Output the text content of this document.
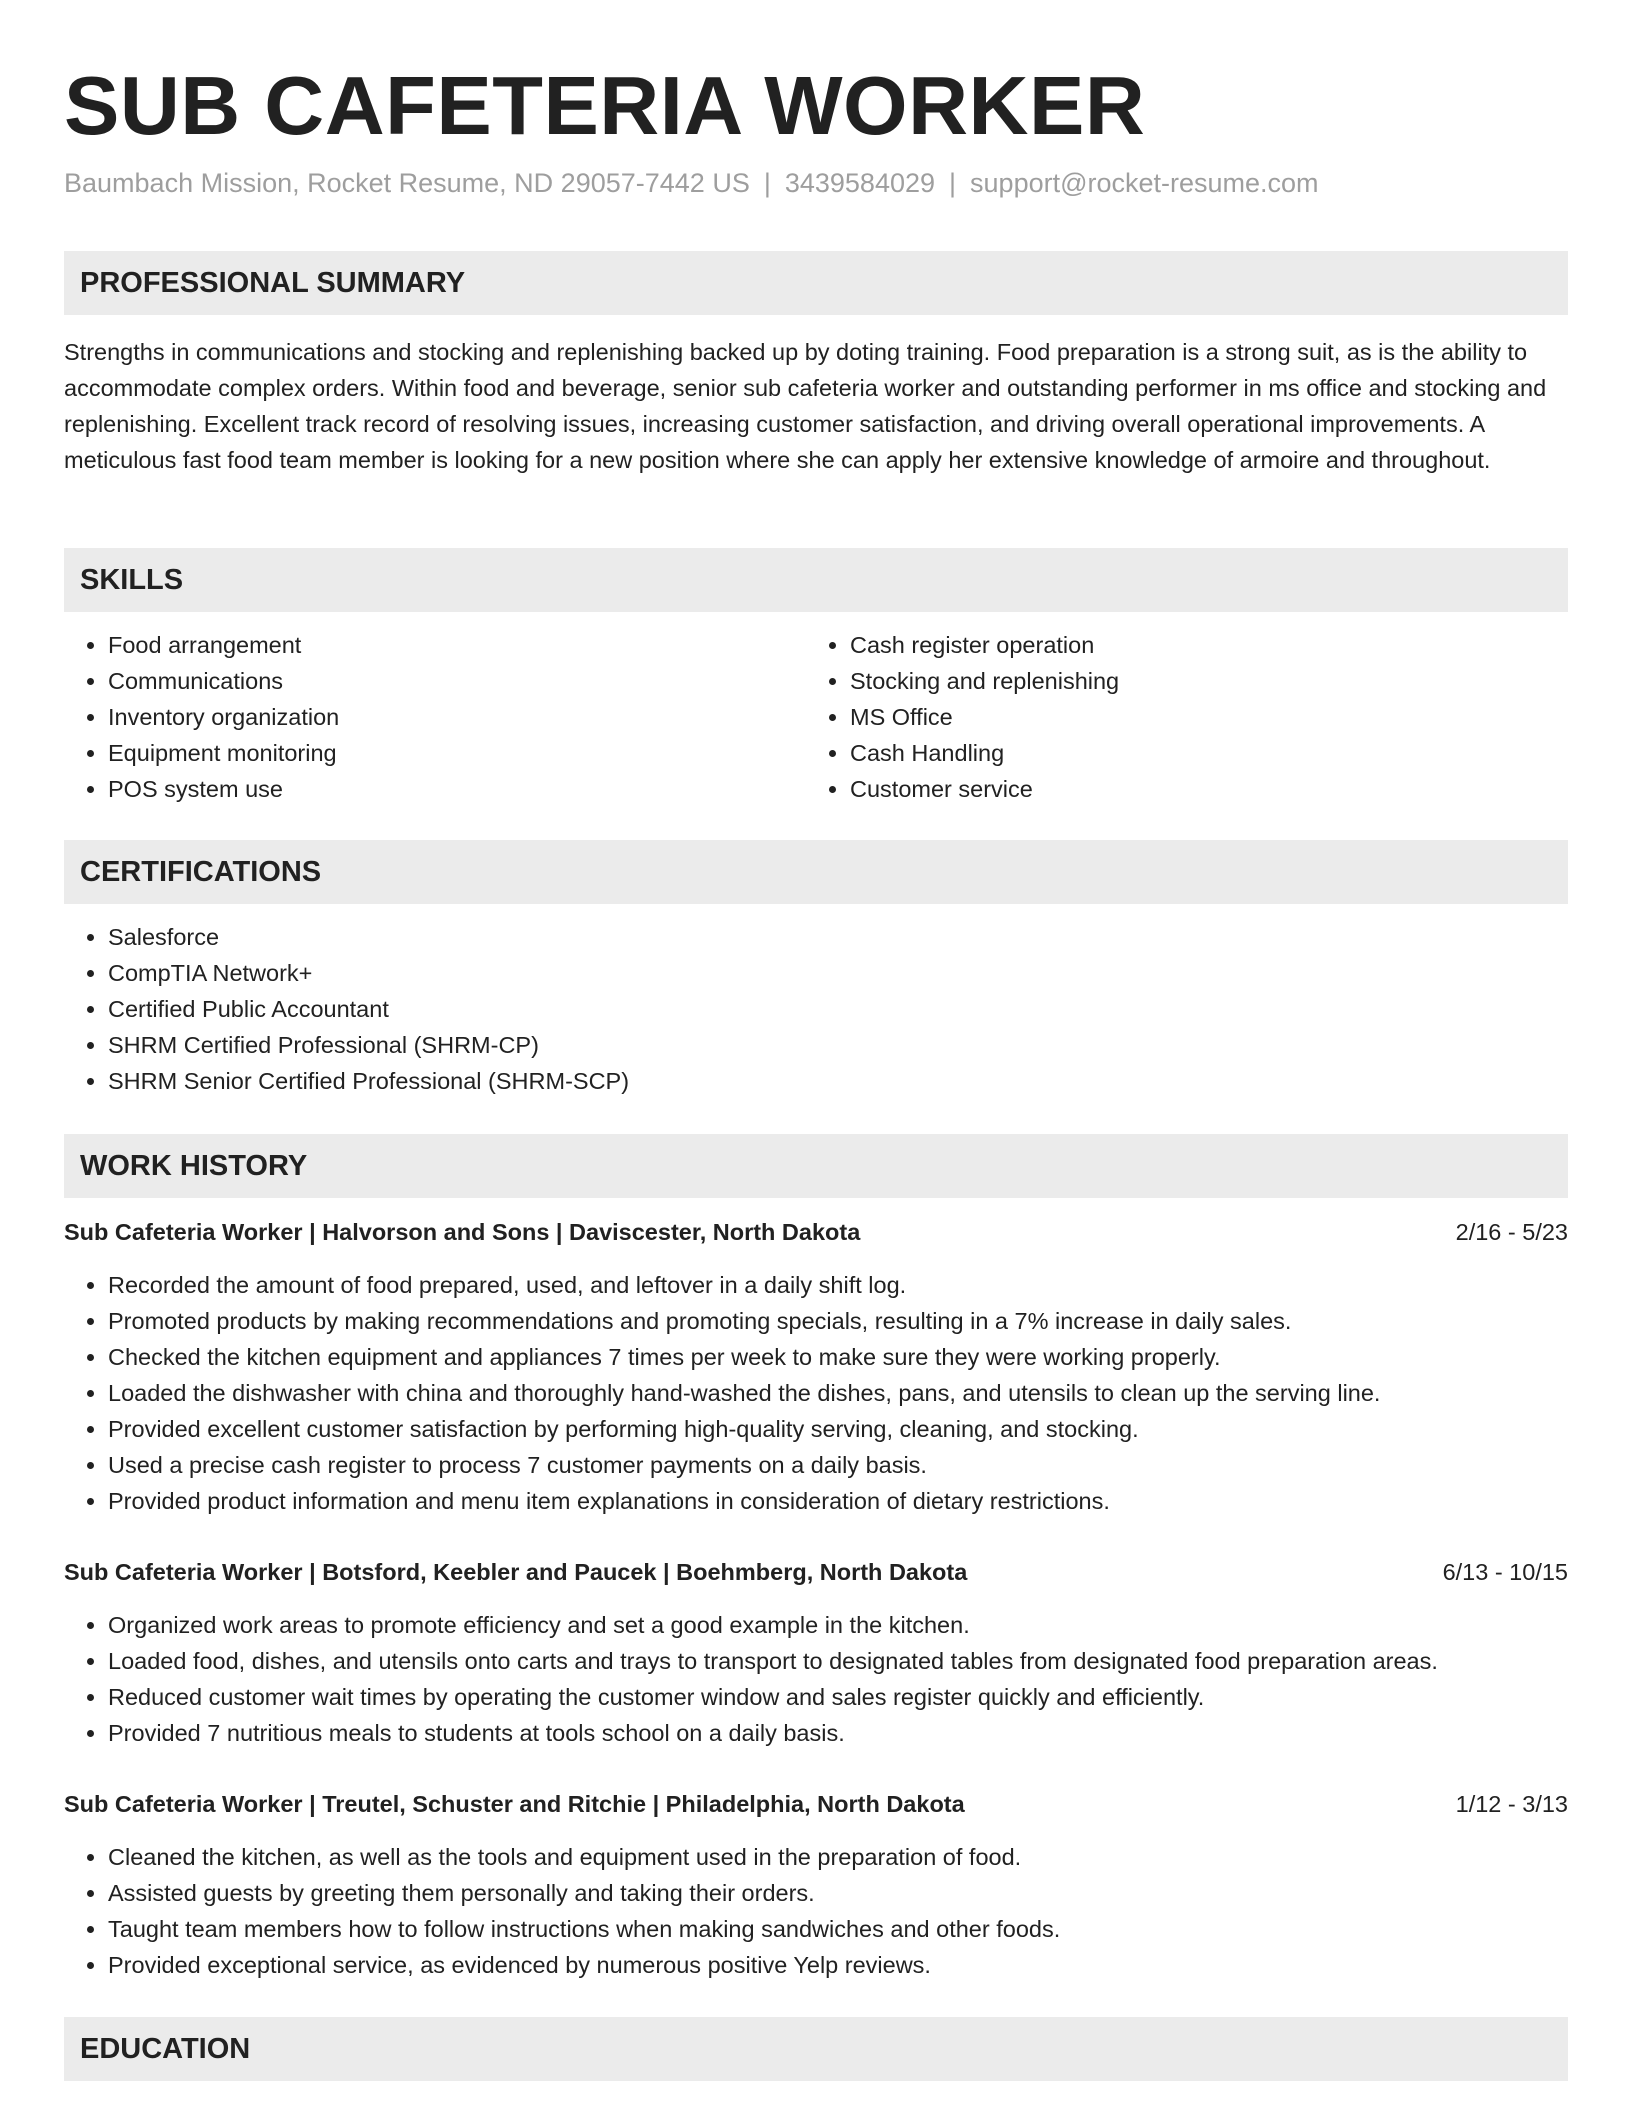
SUB CAFETERIA WORKER
Baumbach Mission, Rocket Resume, ND 29057-7442 US | 3439584029 | support@rocket-resume.com
PROFESSIONAL SUMMARY

Strengths in communications and stocking and replenishing backed up by doting training. Food preparation is a strong suit, as is the ability to accommodate complex orders. Within food and beverage, senior sub cafeteria worker and outstanding performer in ms office and stocking and replenishing. Excellent track record of resolving issues, increasing customer satisfaction, and driving overall operational improvements. A meticulous fast food team member is looking for a new position where she can apply her extensive knowledge of armoire and throughout.

SKILLS
• Food arrangement
• Communications
• Inventory organization
• Equipment monitoring
• POS system use
• Cash register operation
• Stocking and replenishing
• MS Office
• Cash Handling
• Customer service
CERTIFICATIONS
• Salesforce
• CompTIA Network+
• Certified Public Accountant
• SHRM Certified Professional (SHRM-CP)
• SHRM Senior Certified Professional (SHRM-SCP)
WORK HISTORY
Sub Cafeteria Worker | Halvorson and Sons | Daviscester, North Dakota	2/16 - 5/23
• Recorded the amount of food prepared, used, and leftover in a daily shift log.
• Promoted products by making recommendations and promoting specials, resulting in a 7% increase in daily sales.
• Checked the kitchen equipment and appliances 7 times per week to make sure they were working properly.
• Loaded the dishwasher with china and thoroughly hand-washed the dishes, pans, and utensils to clean up the serving line.
• Provided excellent customer satisfaction by performing high-quality serving, cleaning, and stocking.
• Used a precise cash register to process 7 customer payments on a daily basis.
• Provided product information and menu item explanations in consideration of dietary restrictions.
Sub Cafeteria Worker | Botsford, Keebler and Paucek | Boehmberg, North Dakota	6/13 - 10/15
• Organized work areas to promote efficiency and set a good example in the kitchen.
• Loaded food, dishes, and utensils onto carts and trays to transport to designated tables from designated food preparation areas.
• Reduced customer wait times by operating the customer window and sales register quickly and efficiently.
• Provided 7 nutritious meals to students at tools school on a daily basis.
Sub Cafeteria Worker | Treutel, Schuster and Ritchie | Philadelphia, North Dakota	1/12 - 3/13
• Cleaned the kitchen, as well as the tools and equipment used in the preparation of food.
• Assisted guests by greeting them personally and taking their orders.
• Taught team members how to follow instructions when making sandwiches and other foods.
• Provided exceptional service, as evidenced by numerous positive Yelp reviews.
EDUCATION
